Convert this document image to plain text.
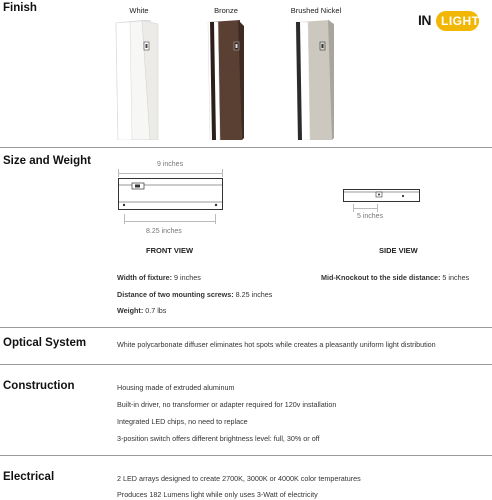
Finish	White	Bronze	Brushed Nickel
IN LIGHT
Size and Weight	9 inches
8.25 inches
FRONT VIEW
5 inches
SIDE VIEW
Width of fixture: 9 inches	Mid-Knockout to the side distance: 5 inches
Distance of two mounting screws: 8.25 inches
Weight: 0.7 lbs
Optical System	White polycarbonate diffuser eliminates hot spots while creates a pleasantly uniform light distribution
Construction	Housing made of extruded aluminum
Built-in driver, no transformer or adapter required for 120v installation
Integrated LED chips, no need to replace
3-position switch offers different brightness level: full, 30% or off
Electrical	2 LED arrays designed to create 2700K, 3000K or 4000K color temperatures
Produces 182 Lumens light while only uses 3-Watt of electricity
